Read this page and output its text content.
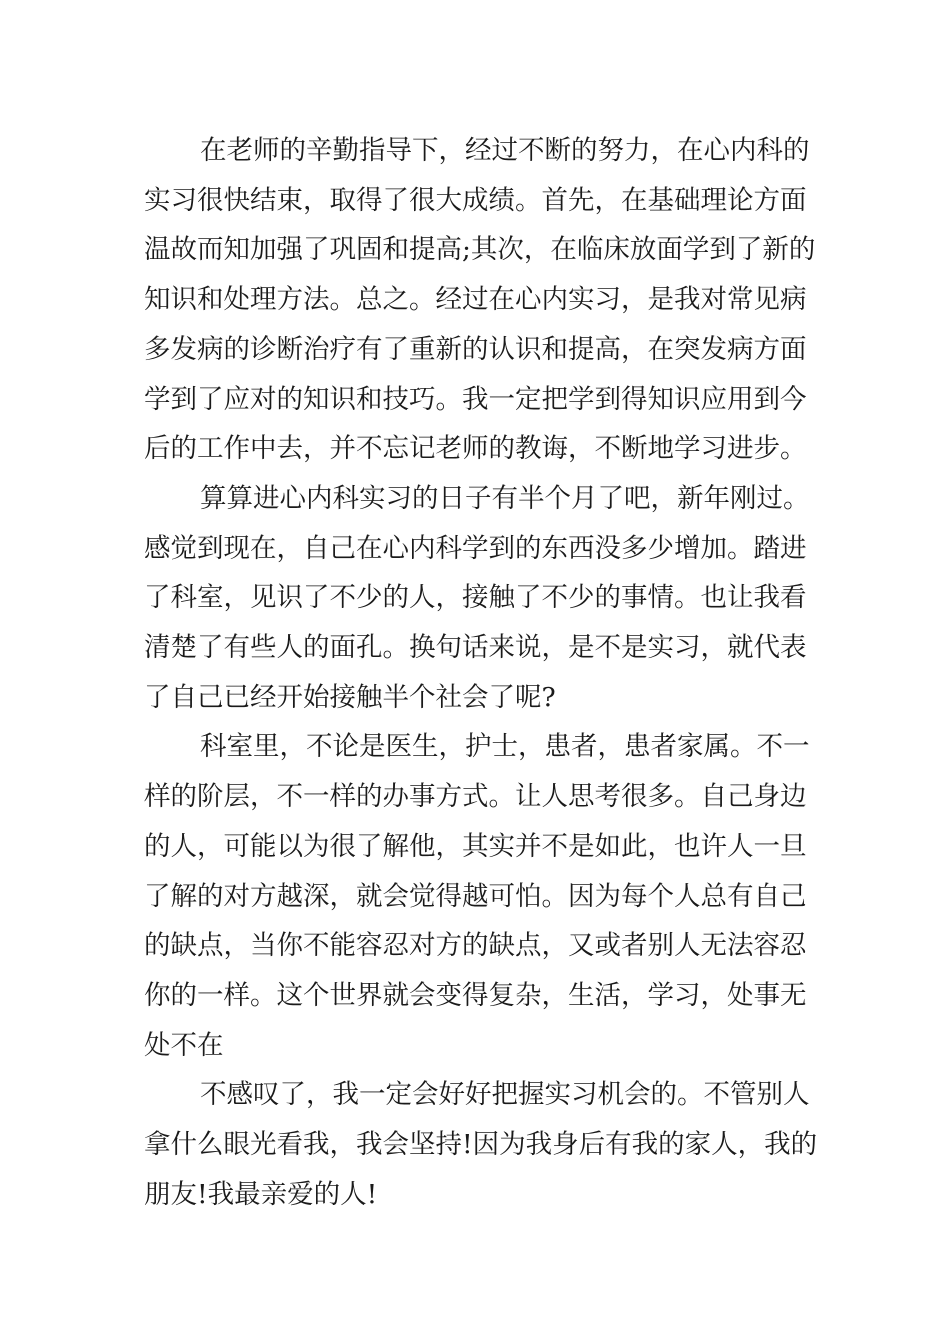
在老师的辛勤指导下，经过不断的努力，在心内科的
实习很快结束，取得了很大成绩。首先，在基础理论方面
温故而知加强了巩固和提高;其次，在临床放面学到了新的
知识和处理方法。总之。经过在心内实习，是我对常见病
多发病的诊断治疗有了重新的认识和提高，在突发病方面
学到了应对的知识和技巧。我一定把学到得知识应用到今
后的工作中去，并不忘记老师的教诲，不断地学习进步。
算算进心内科实习的日子有半个月了吧，新年刚过。
感觉到现在，自己在心内科学到的东西没多少增加。踏进
了科室，见识了不少的人，接触了不少的事情。也让我看
清楚了有些人的面孔。换句话来说，是不是实习，就代表
了自己已经开始接触半个社会了呢?
科室里，不论是医生，护士，患者，患者家属。不一
样的阶层，不一样的办事方式。让人思考很多。自己身边
的人，可能以为很了解他，其实并不是如此，也许人一旦
了解的对方越深，就会觉得越可怕。因为每个人总有自己
的缺点，当你不能容忍对方的缺点，又或者别人无法容忍
你的一样。这个世界就会变得复杂，生活，学习，处事无
处不在
不感叹了，我一定会好好把握实习机会的。不管别人
拿什么眼光看我，我会坚持!因为我身后有我的家人，我的
朋友!我最亲爱的人!
